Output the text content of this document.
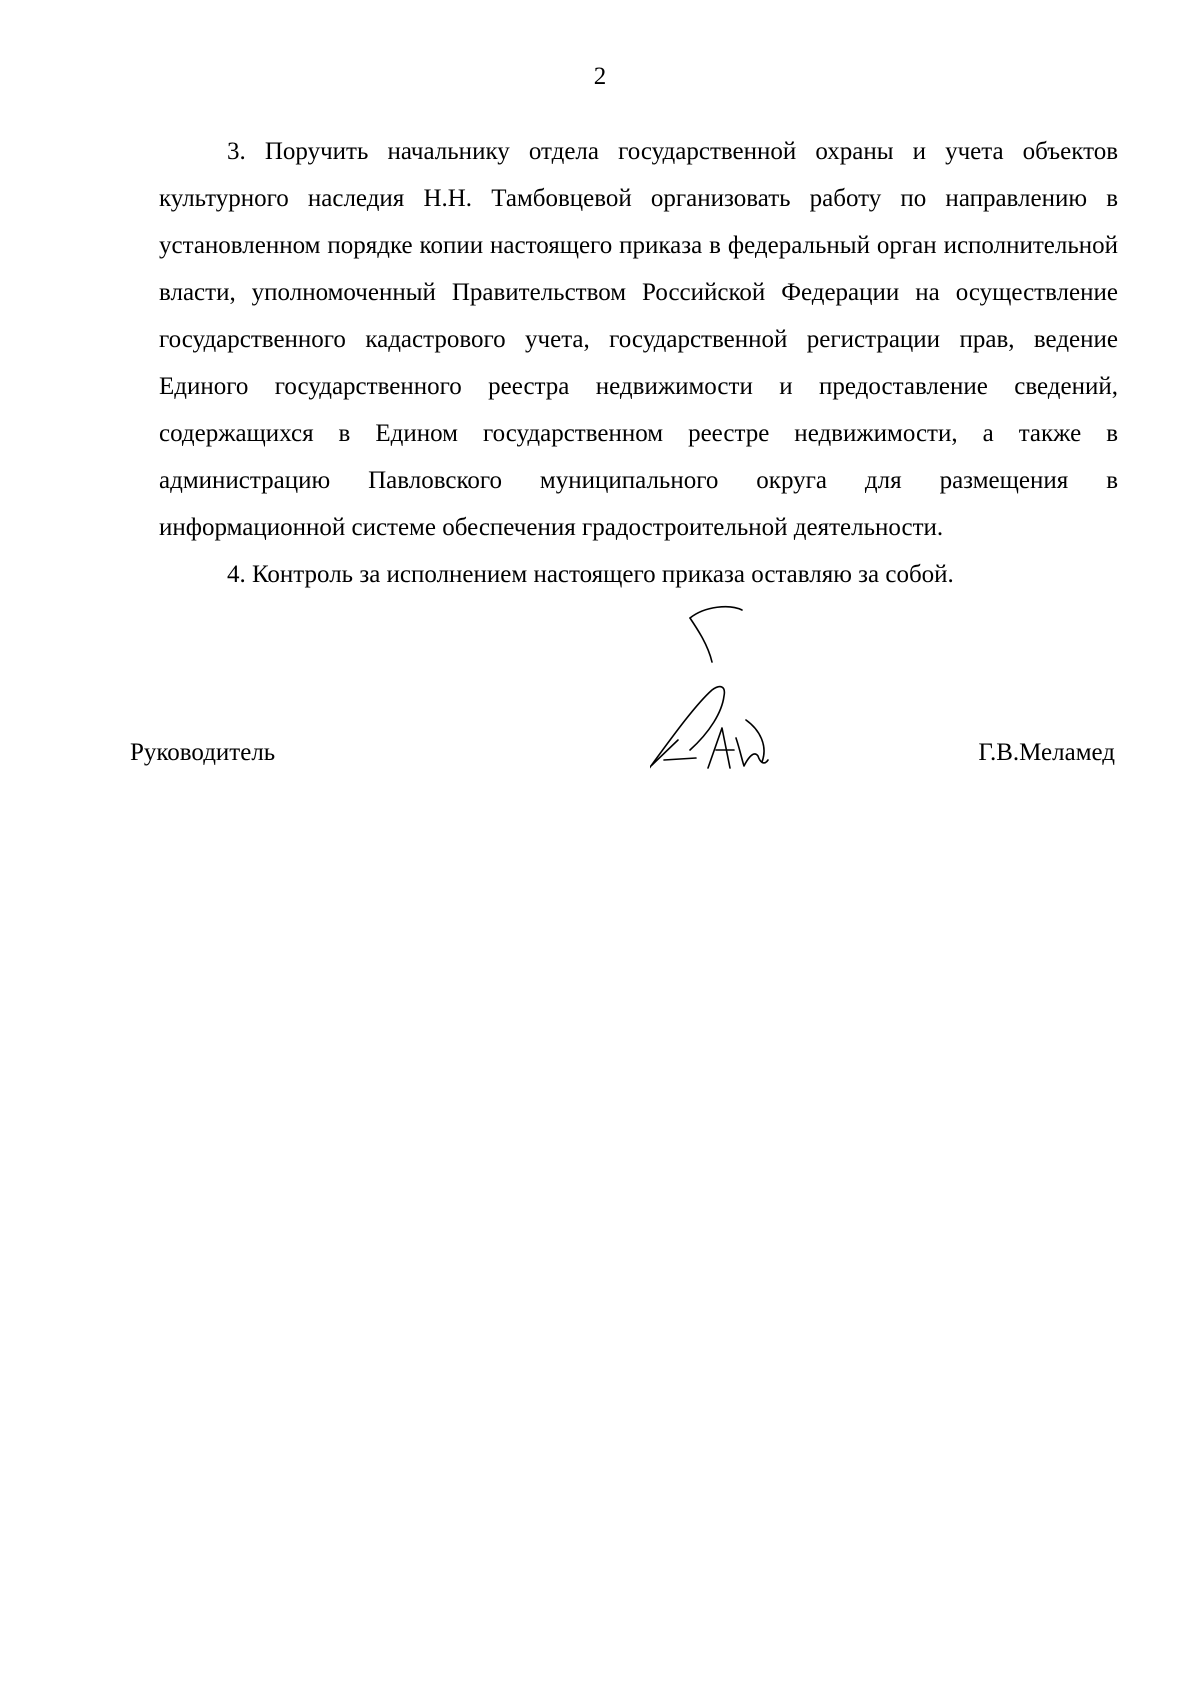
2

3. Поручить начальнику отдела государственной охраны и учета объектов культурного наследия Н.Н. Тамбовцевой организовать работу по направлению в установленном порядке копии настоящего приказа в федеральный орган исполнительной власти, уполномоченный Правительством Российской Федерации на осуществление государственного кадастрового учета, государственной регистрации прав, ведение Единого государственного реестра недвижимости и предоставление сведений, содержащихся в Едином государственном реестре недвижимости, а также в администрацию Павловского муниципального округа для размещения в информационной системе обеспечения градостроительной деятельности.

4. Контроль за исполнением настоящего приказа оставляю за собой.

Руководитель	Г.В.Меламед
